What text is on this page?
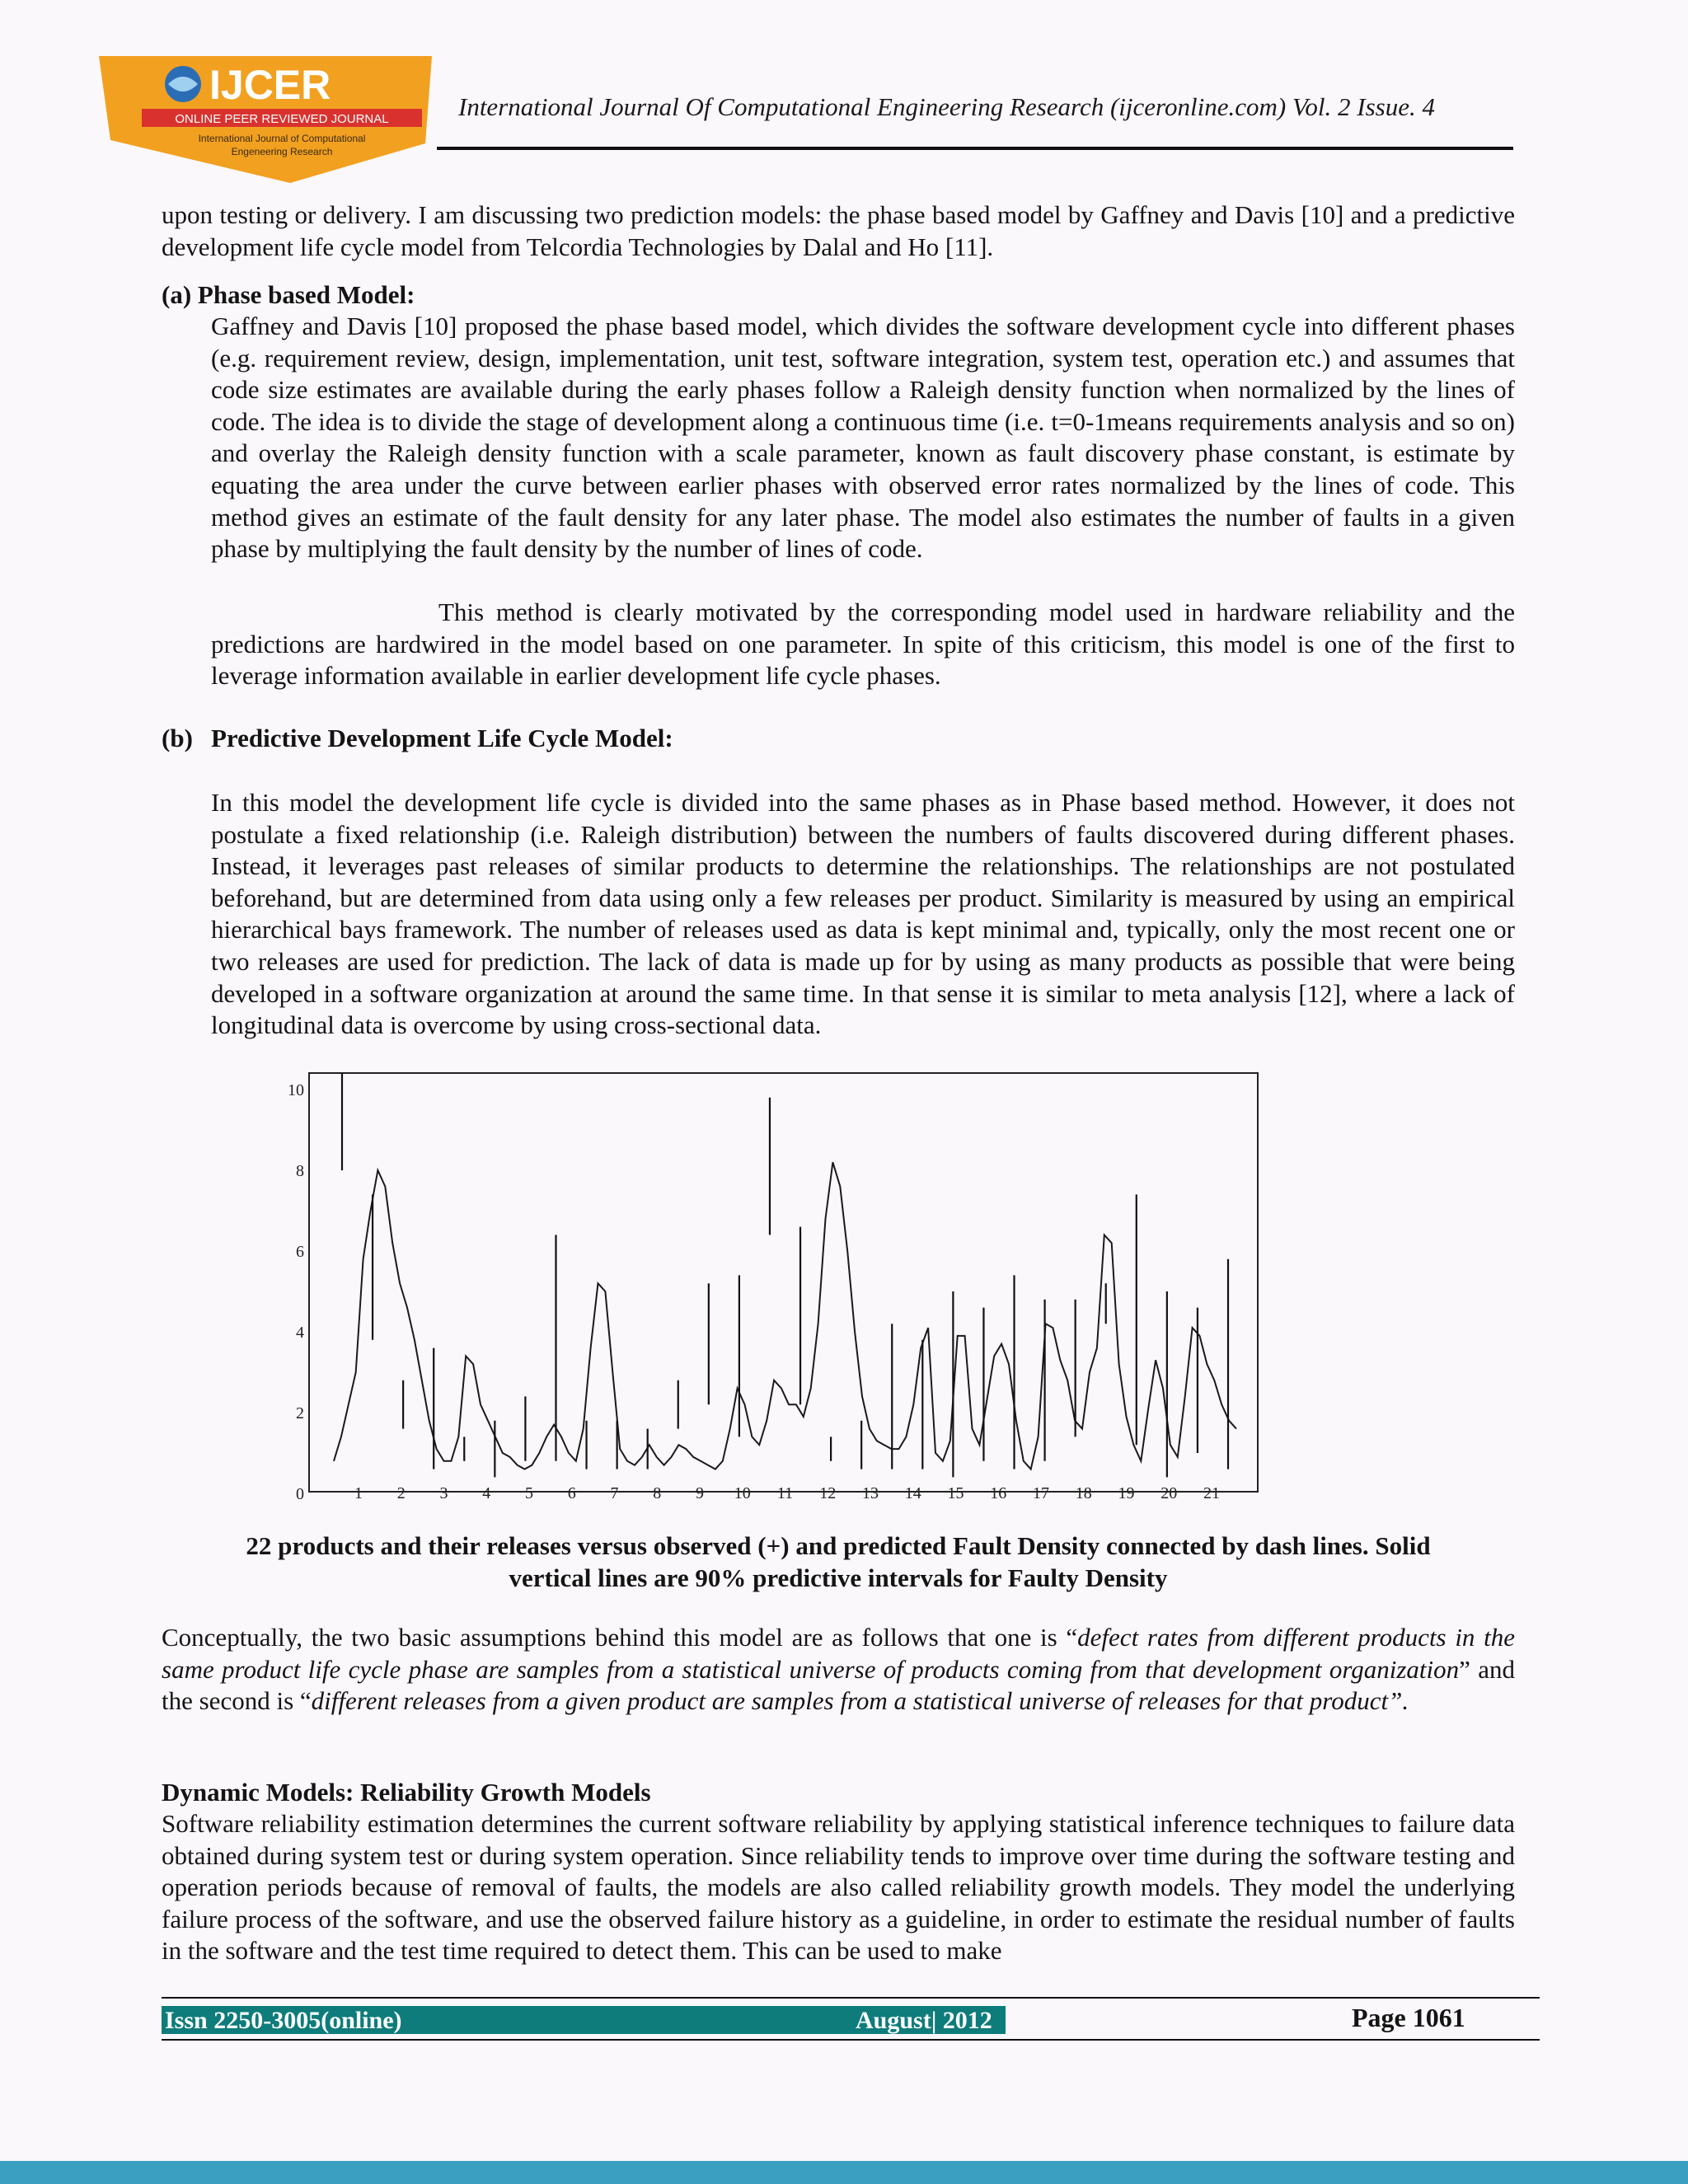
IJCER
ONLINE PEER REVIEWED JOURNAL
International Journal of Computational
Engeneering Research
International Journal Of Computational Engineering Research (ijceronline.com) Vol. 2 Issue. 4

upon testing or delivery. I am discussing two prediction models: the phase based model by Gaffney and Davis [10] and a predictive development life cycle model from Telcordia Technologies by Dalal and Ho [11].

(a) Phase based Model:

Gaffney and Davis [10] proposed the phase based model, which divides the software development cycle into different phases (e.g. requirement review, design, implementation, unit test, software integration, system test, operation etc.) and assumes that code size estimates are available during the early phases follow a Raleigh density function when normalized by the lines of code. The idea is to divide the stage of development along a continuous time (i.e. t=0-1means requirements analysis and so on) and overlay the Raleigh density function with a scale parameter, known as fault discovery phase constant, is estimate by equating the area under the curve between earlier phases with observed error rates normalized by the lines of code. This method gives an estimate of the fault density for any later phase. The model also estimates the number of faults in a given phase by multiplying the fault density by the number of lines of code.

This method is clearly motivated by the corresponding model used in hardware reliability and the predictions are hardwired in the model based on one parameter. In spite of this criticism, this model is one of the first to leverage information available in earlier development life cycle phases.

(b) Predictive Development Life Cycle Model:

In this model the development life cycle is divided into the same phases as in Phase based method. However, it does not postulate a fixed relationship (i.e. Raleigh distribution) between the numbers of faults discovered during different phases. Instead, it leverages past releases of similar products to determine the relationships. The relationships are not postulated beforehand, but are determined from data using only a few releases per product. Similarity is measured by using an empirical hierarchical bays framework. The number of releases used as data is kept minimal and, typically, only the most recent one or two releases are used for prediction. The lack of data is made up for by using as many products as possible that were being developed in a software organization at around the same time. In that sense it is similar to meta analysis [12], where a lack of longitudinal data is overcome by using cross-sectional data.

0
2
4
6
8
10
1 2 3 4 5 6 7 8 9 10 11 12 13 14 15 16 17 18 19 20 21
22 products and their releases versus observed (+) and predicted Fault Density connected by dash lines. Solid
vertical lines are 90% predictive intervals for Faulty Density

Conceptually, the two basic assumptions behind this model are as follows that one is “defect rates from different products in the same product life cycle phase are samples from a statistical universe of products coming from that development organization” and the second is “different releases from a given product are samples from a statistical universe of releases for that product”.

Dynamic Models: Reliability Growth Models

Software reliability estimation determines the current software reliability by applying statistical inference techniques to failure data obtained during system test or during system operation. Since reliability tends to improve over time during the software testing and operation periods because of removal of faults, the models are also called reliability growth models. They model the underlying failure process of the software, and use the observed failure history as a guideline, in order to estimate the residual number of faults in the software and the test time required to detect them. This can be used to make

Issn 2250-3005(online)	August| 2012	Page 1061
